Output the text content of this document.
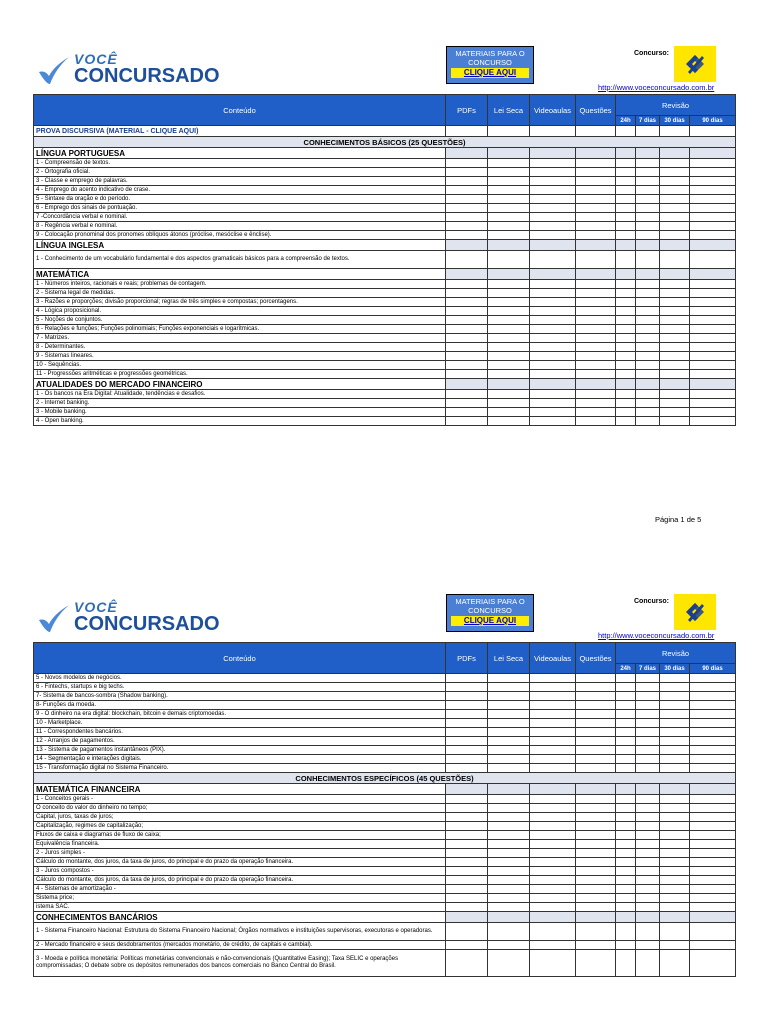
VOCÊ
CONCURSADO
MATERIAIS PARA O
CONCURSO
CLIQUE AQUI
Concurso:
http://www.voceconcursado.com.br
Conteúdo	PDFs	Lei Seca	Videoaulas	Questões	Revisão			
					24h	7 dias	30 dias	90 dias
PROVA DISCURSIVA (MATERIAL - CLIQUE AQUI)								
CONHECIMENTOS BÁSICOS (25 QUESTÕES)								
LÍNGUA PORTUGUESA								
1 - Compreensão de textos.								
2 - Ortografia oficial.								
3 - Classe e emprego de palavras.								
4 - Emprego do acento indicativo de crase.								
5 - Sintaxe da oração e do período.								
6 - Emprego dos sinais de pontuação.								
7 -Concordância verbal e nominal.								
8 - Regência verbal e nominal.								
9 - Colocação pronominal dos pronomes oblíquos átonos (próclise, mesóclise e ênclise).								
LÍNGUA INGLESA								
1 - Conhecimento de um vocabulário fundamental e dos aspectos gramaticais básicos para a compreensão de textos.								
MATEMÁTICA								
1 - Números inteiros, racionais e reais; problemas de contagem.								
2 - Sistema legal de medidas.								
3 - Razões e proporções; divisão proporcional; regras de três simples e compostas; porcentagens.								
4 - Lógica proposicional.								
5 - Noções de conjuntos.								
6 - Relações e funções; Funções polinomiais; Funções exponenciais e logarítmicas.								
7 - Matrizes.								
8 - Determinantes.								
9 - Sistemas lineares.								
10 - Sequências.								
11 - Progressões aritméticas e progressões geométricas.								
ATUALIDADES DO MERCADO FINANCEIRO								
1 - Os bancos na Era Digital: Atualidade, tendências e desafios.								
2 - Internet banking.								
3 - Mobile banking.								
4 - Open banking.								
Página 1 de 5
VOCÊ
CONCURSADO
MATERIAIS PARA O
CONCURSO
CLIQUE AQUI
Concurso:
http://www.voceconcursado.com.br
Conteúdo	PDFs	Lei Seca	Videoaulas	Questões	Revisão			
					24h	7 dias	30 dias	90 dias
5 - Novos modelos de negócios.								
6 - Fintechs, startups e big techs.								
7- Sistema de bancos-sombra (Shadow banking).								
8- Funções da moeda.								
9 - O dinheiro na era digital: blockchain, bitcoin e demais criptomoedas.								
10 - Marketplace.								
11 - Correspondentes bancários.								
12 - Arranjos de pagamentos.								
13 - Sistema de pagamentos instantâneos (PIX).								
14 - Segmentação e interações digitais.								
15 - Transformação digital no Sistema Financeiro.								
CONHECIMENTOS ESPECÍFICOS (45 QUESTÕES)								
MATEMÁTICA FINANCEIRA								
1 - Conceitos gerais -								
O conceito do valor do dinheiro no tempo;								
Capital, juros, taxas de juros;								
Capitalização, regimes de capitalização;								
Fluxos de caixa e diagramas de fluxo de caixa;								
Equivalência financeira.								
2 - Juros simples -								
Cálculo do montante, dos juros, da taxa de juros, do principal e do prazo da operação financeira.								
3 - Juros compostos -								
Cálculo do montante, dos juros, da taxa de juros, do principal e do prazo da operação financeira.								
4 - Sistemas de amortização -								
Sistema price;								
istema SAC.								
CONHECIMENTOS BANCÁRIOS								
1 - Sistema Financeiro Nacional: Estrutura do Sistema Financeiro Nacional; Órgãos normativos e instituições supervisoras, executoras e operadoras.								
2 - Mercado financeiro e seus desdobramentos (mercados monetário, de crédito, de capitais e cambial).								
3 - Moeda e política monetária: Políticas monetárias convencionais e não-convencionais (Quantitative Easing); Taxa SELIC e operações compromissadas; O debate sobre os depósitos remunerados dos bancos comerciais no Banco Central do Brasil.								
